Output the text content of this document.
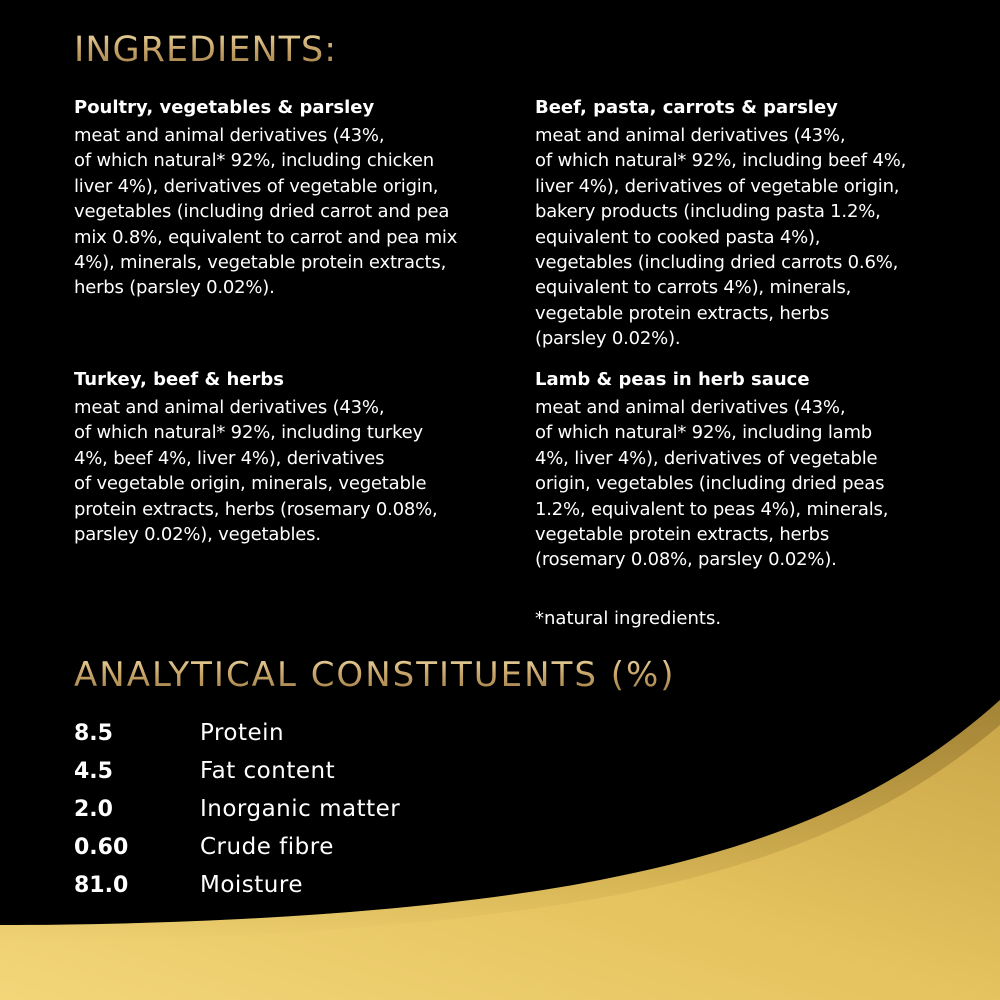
INGREDIENTS:
Poultry, vegetables & parsley
meat and animal derivatives (43%,
of which natural* 92%, including chicken
liver 4%), derivatives of vegetable origin,
vegetables (including dried carrot and pea
mix 0.8%, equivalent to carrot and pea mix
4%), minerals, vegetable protein extracts,
herbs (parsley 0.02%).
Beef, pasta, carrots & parsley
meat and animal derivatives (43%,
of which natural* 92%, including beef 4%,
liver 4%), derivatives of vegetable origin,
bakery products (including pasta 1.2%,
equivalent to cooked pasta 4%),
vegetables (including dried carrots 0.6%,
equivalent to carrots 4%), minerals,
vegetable protein extracts, herbs
(parsley 0.02%).
Turkey, beef & herbs
meat and animal derivatives (43%,
of which natural* 92%, including turkey
4%, beef 4%, liver 4%), derivatives
of vegetable origin, minerals, vegetable
protein extracts, herbs (rosemary 0.08%,
parsley 0.02%), vegetables.
Lamb & peas in herb sauce
meat and animal derivatives (43%,
of which natural* 92%, including lamb
4%, liver 4%), derivatives of vegetable
origin, vegetables (including dried peas
1.2%, equivalent to peas 4%), minerals,
vegetable protein extracts, herbs
(rosemary 0.08%, parsley 0.02%).
*natural ingredients.
ANALYTICAL CONSTITUENTS (%)
8.5	Protein
4.5	Fat content
2.0	Inorganic matter
0.60	Crude fibre
81.0	Moisture
